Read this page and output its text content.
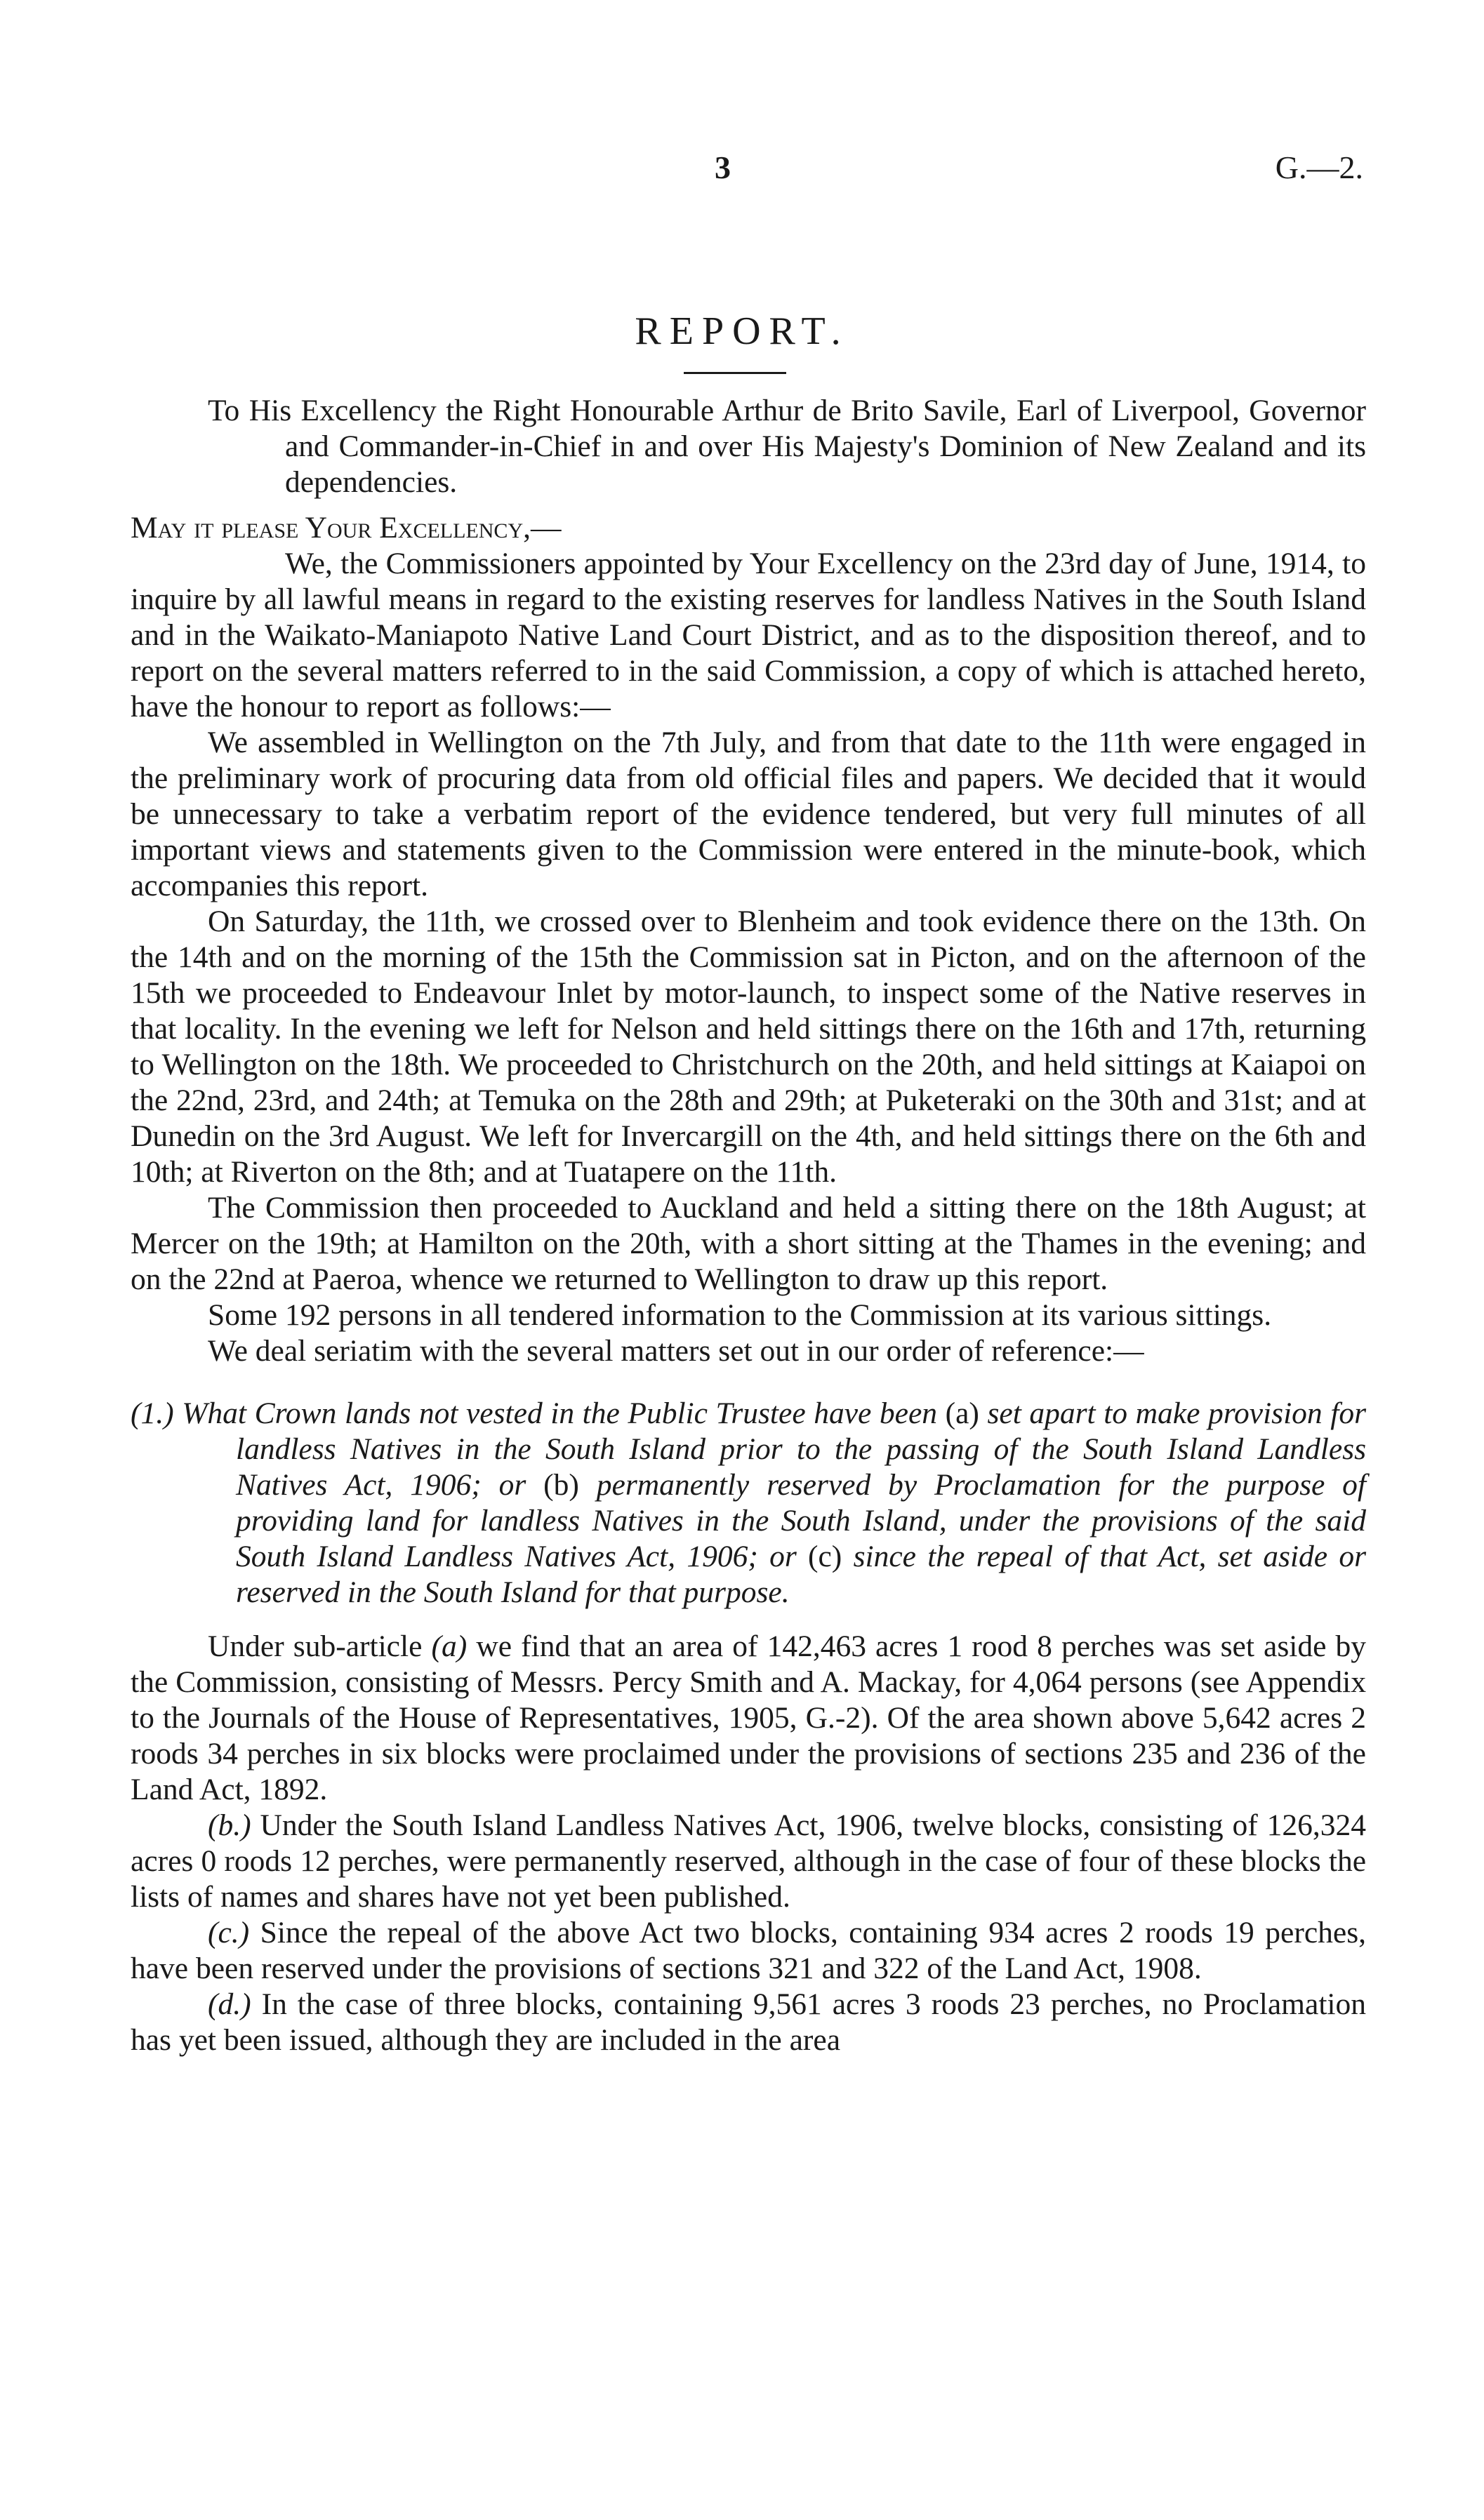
3	G.—2.
REPORT.

To His Excellency the Right Honourable Arthur de Brito Savile, Earl of Liverpool, Governor and Commander-in-Chief in and over His Majesty's Dominion of New Zealand and its dependencies.

May it please Your Excellency,—

We, the Commissioners appointed by Your Excellency on the 23rd day of June, 1914, to inquire by all lawful means in regard to the existing reserves for landless Natives in the South Island and in the Waikato-Maniapoto Native Land Court District, and as to the disposition thereof, and to report on the several matters referred to in the said Commission, a copy of which is attached hereto, have the honour to report as follows:—

We assembled in Wellington on the 7th July, and from that date to the 11th were engaged in the preliminary work of procuring data from old official files and papers. We decided that it would be unnecessary to take a verbatim report of the evidence tendered, but very full minutes of all important views and statements given to the Commission were entered in the minute-book, which accompanies this report.

On Saturday, the 11th, we crossed over to Blenheim and took evidence there on the 13th. On the 14th and on the morning of the 15th the Commission sat in Picton, and on the afternoon of the 15th we proceeded to Endeavour Inlet by motor-launch, to inspect some of the Native reserves in that locality. In the evening we left for Nelson and held sittings there on the 16th and 17th, returning to Wellington on the 18th. We proceeded to Christchurch on the 20th, and held sittings at Kaiapoi on the 22nd, 23rd, and 24th; at Temuka on the 28th and 29th; at Puketeraki on the 30th and 31st; and at Dunedin on the 3rd August. We left for Invercargill on the 4th, and held sittings there on the 6th and 10th; at Riverton on the 8th; and at Tuatapere on the 11th.

The Commission then proceeded to Auckland and held a sitting there on the 18th August; at Mercer on the 19th; at Hamilton on the 20th, with a short sitting at the Thames in the evening; and on the 22nd at Paeroa, whence we returned to Wellington to draw up this report.

Some 192 persons in all tendered information to the Commission at its various sittings.

We deal seriatim with the several matters set out in our order of reference:—

(1.) What Crown lands not vested in the Public Trustee have been (a) set apart to make provision for landless Natives in the South Island prior to the passing of the South Island Landless Natives Act, 1906; or (b) permanently reserved by Proclamation for the purpose of providing land for landless Natives in the South Island, under the provisions of the said South Island Landless Natives Act, 1906; or (c) since the repeal of that Act, set aside or reserved in the South Island for that purpose.

Under sub-article (a) we find that an area of 142,463 acres 1 rood 8 perches was set aside by the Commission, consisting of Messrs. Percy Smith and A. Mackay, for 4,064 persons (see Appendix to the Journals of the House of Representatives, 1905, G.-2). Of the area shown above 5,642 acres 2 roods 34 perches in six blocks were proclaimed under the provisions of sections 235 and 236 of the Land Act, 1892.

(b.) Under the South Island Landless Natives Act, 1906, twelve blocks, consisting of 126,324 acres 0 roods 12 perches, were permanently reserved, although in the case of four of these blocks the lists of names and shares have not yet been published.

(c.) Since the repeal of the above Act two blocks, containing 934 acres 2 roods 19 perches, have been reserved under the provisions of sections 321 and 322 of the Land Act, 1908.

(d.) In the case of three blocks, containing 9,561 acres 3 roods 23 perches, no Proclamation has yet been issued, although they are included in the area
